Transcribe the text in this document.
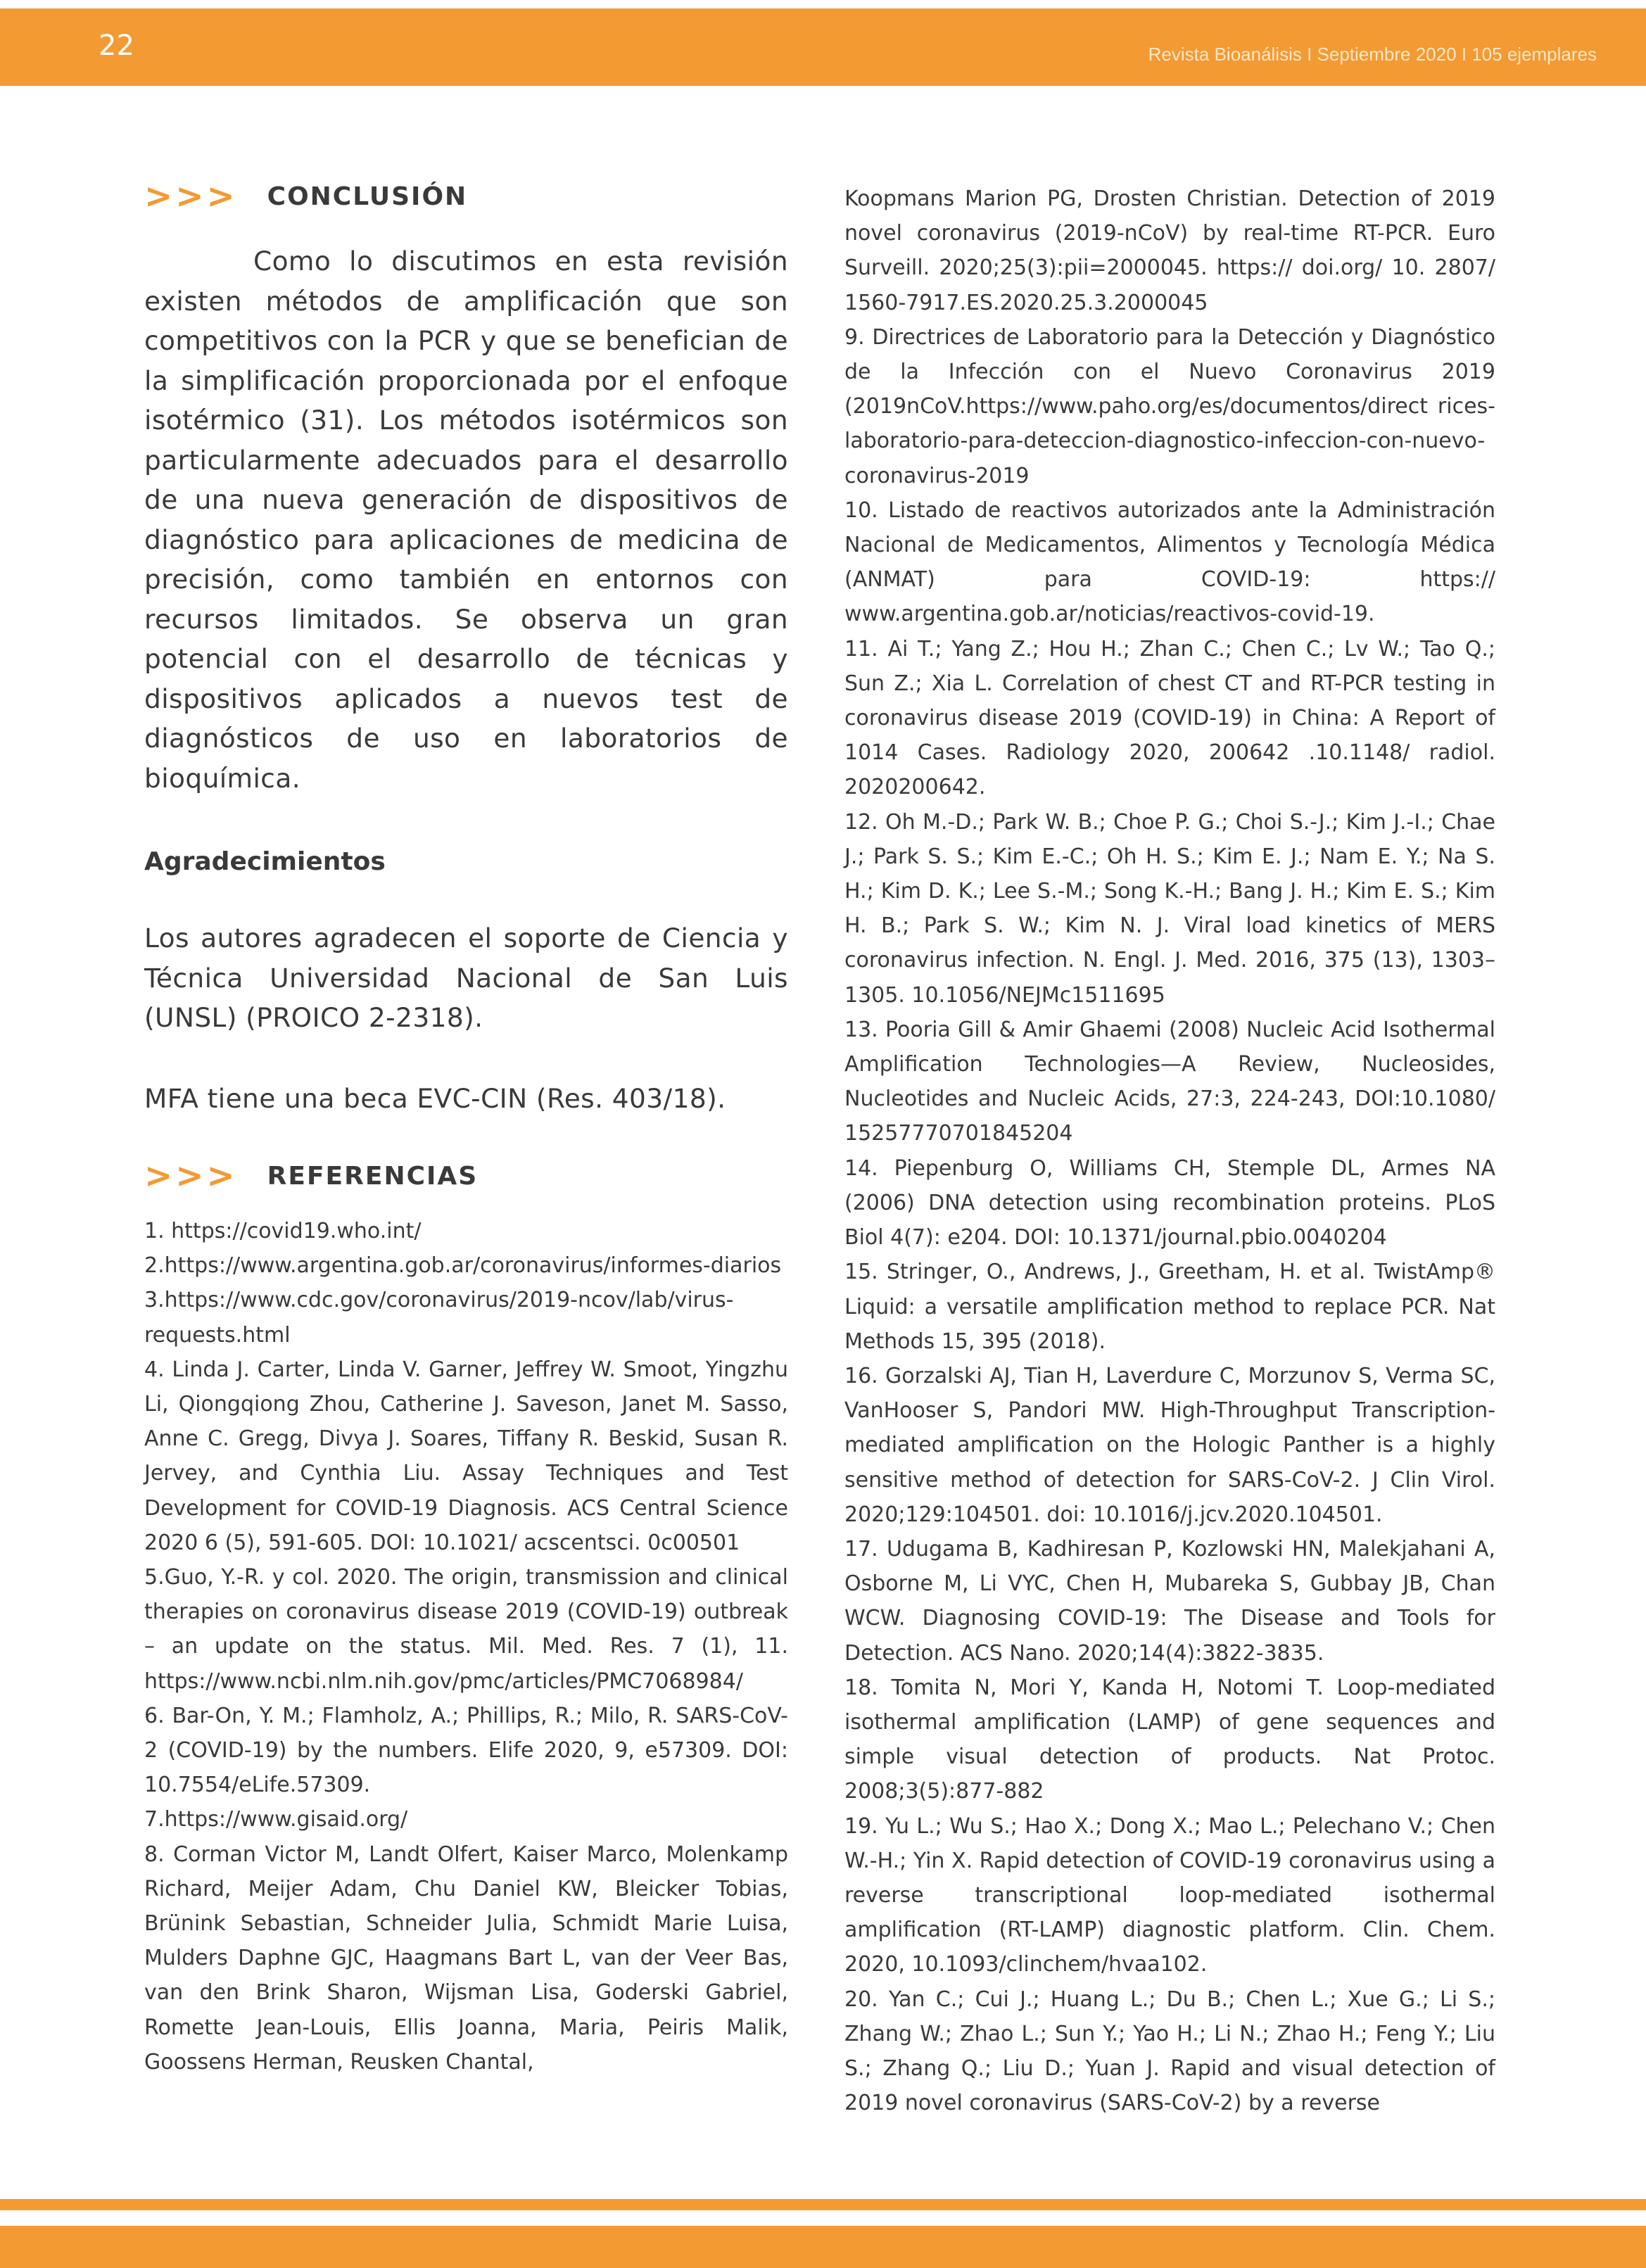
22	Revista Bioanálisis I Septiembre 2020 I 105 ejemplares
>>> CONCLUSIÓN

Como lo discutimos en esta revisión existen métodos de amplificación que son competitivos con la PCR y que se benefician de la simplificación proporcionada por el enfoque isotérmico (31). Los métodos isotérmicos son particularmente adecuados para el desarrollo de una nueva generación de dispositivos de diagnóstico para aplicaciones de medicina de precisión, como también en entornos con recursos limitados. Se observa un gran potencial con el desarrollo de técnicas y dispositivos aplicados a nuevos test de diagnósticos de uso en laboratorios de bioquímica.

Agradecimientos

Los autores agradecen el soporte de Ciencia y Técnica Universidad Nacional de San Luis (UNSL) (PROICO 2-2318).

MFA tiene una beca EVC-CIN (Res. 403/18).

>>> REFERENCIAS

1. https://covid19.who.int/

2.https://www.argentina.gob.ar/coronavirus/informes-diarios

3.https://www.cdc.gov/coronavirus/2019-ncov/lab/virus-requests.html

4. Linda J. Carter, Linda V. Garner, Jeffrey W. Smoot, Yingzhu Li, Qiongqiong Zhou, Catherine J. Saveson, Janet M. Sasso, Anne C. Gregg, Divya J. Soares, Tiffany R. Beskid, Susan R. Jervey, and Cynthia Liu. Assay Techniques and Test Development for COVID-19 Diagnosis. ACS Central Science 2020 6 (5), 591-605. DOI: 10.1021/ acscentsci. 0c00501

5.Guo, Y.-R. y col. 2020. The origin, transmission and clinical therapies on coronavirus disease 2019 (COVID-19) outbreak – an update on the status. Mil. Med. Res. 7 (1), 11. https://www.ncbi.nlm.nih.gov/pmc/articles/PMC7068984/

6. Bar-On, Y. M.; Flamholz, A.; Phillips, R.; Milo, R. SARS-CoV-2 (COVID-19) by the numbers. Elife 2020, 9, e57309. DOI: 10.7554/eLife.57309.

7.https://www.gisaid.org/

8. Corman Victor M, Landt Olfert, Kaiser Marco, Molenkamp Richard, Meijer Adam, Chu Daniel KW, Bleicker Tobias, Brünink Sebastian, Schneider Julia, Schmidt Marie Luisa, Mulders Daphne GJC, Haagmans Bart L, van der Veer Bas, van den Brink Sharon, Wijsman Lisa, Goderski Gabriel, Romette Jean-Louis, Ellis Joanna, Maria, Peiris Malik, Goossens Herman, Reusken Chantal,

Koopmans Marion PG, Drosten Christian. Detection of 2019 novel coronavirus (2019-nCoV) by real-time RT-PCR. Euro Surveill. 2020;25(3):pii=2000045. https:// doi.org/ 10. 2807/ 1560-7917.ES.2020.25.3.2000045

9. Directrices de Laboratorio para la Detección y Diagnóstico de la Infección con el Nuevo Coronavirus 2019 (2019nCoV.https://www.paho.org/es/documentos/direct rices-laboratorio-para-deteccion-diagnostico-infeccion-con-nuevo-coronavirus-2019

10. Listado de reactivos autorizados ante la Administración Nacional de Medicamentos, Alimentos y Tecnología Médica (ANMAT) para COVID-19: https:// www.argentina.gob.ar/noticias/reactivos-covid-19.

11. Ai T.; Yang Z.; Hou H.; Zhan C.; Chen C.; Lv W.; Tao Q.; Sun Z.; Xia L. Correlation of chest CT and RT-PCR testing in coronavirus disease 2019 (COVID-19) in China: A Report of 1014 Cases. Radiology 2020, 200642 .10.1148/ radiol. 2020200642.

12. Oh M.-D.; Park W. B.; Choe P. G.; Choi S.-J.; Kim J.-I.; Chae J.; Park S. S.; Kim E.-C.; Oh H. S.; Kim E. J.; Nam E. Y.; Na S. H.; Kim D. K.; Lee S.-M.; Song K.-H.; Bang J. H.; Kim E. S.; Kim H. B.; Park S. W.; Kim N. J. Viral load kinetics of MERS coronavirus infection. N. Engl. J. Med. 2016, 375 (13), 1303–1305. 10.1056/NEJMc1511695

13. Pooria Gill & Amir Ghaemi (2008) Nucleic Acid Isothermal Amplification Technologies—A Review, Nucleosides, Nucleotides and Nucleic Acids, 27:3, 224-243, DOI:10.1080/ 15257770701845204

14. Piepenburg O, Williams CH, Stemple DL, Armes NA (2006) DNA detection using recombination proteins. PLoS Biol 4(7): e204. DOI: 10.1371/journal.pbio.0040204

15. Stringer, O., Andrews, J., Greetham, H. et al. TwistAmp® Liquid: a versatile amplification method to replace PCR. Nat Methods 15, 395 (2018).

16. Gorzalski AJ, Tian H, Laverdure C, Morzunov S, Verma SC, VanHooser S, Pandori MW. High-Throughput Transcription-mediated amplification on the Hologic Panther is a highly sensitive method of detection for SARS-CoV-2. J Clin Virol. 2020;129:104501. doi: 10.1016/j.jcv.2020.104501.

17. Udugama B, Kadhiresan P, Kozlowski HN, Malekjahani A, Osborne M, Li VYC, Chen H, Mubareka S, Gubbay JB, Chan WCW. Diagnosing COVID-19: The Disease and Tools for Detection. ACS Nano. 2020;14(4):3822-3835.

18. Tomita N, Mori Y, Kanda H, Notomi T. Loop-mediated isothermal amplification (LAMP) of gene sequences and simple visual detection of products. Nat Protoc. 2008;3(5):877-882

19. Yu L.; Wu S.; Hao X.; Dong X.; Mao L.; Pelechano V.; Chen W.-H.; Yin X. Rapid detection of COVID-19 coronavirus using a reverse transcriptional loop-mediated isothermal amplification (RT-LAMP) diagnostic platform. Clin. Chem. 2020, 10.1093/clinchem/hvaa102.

20. Yan C.; Cui J.; Huang L.; Du B.; Chen L.; Xue G.; Li S.; Zhang W.; Zhao L.; Sun Y.; Yao H.; Li N.; Zhao H.; Feng Y.; Liu S.; Zhang Q.; Liu D.; Yuan J. Rapid and visual detection of 2019 novel coronavirus (SARS-CoV-2) by a reverse
